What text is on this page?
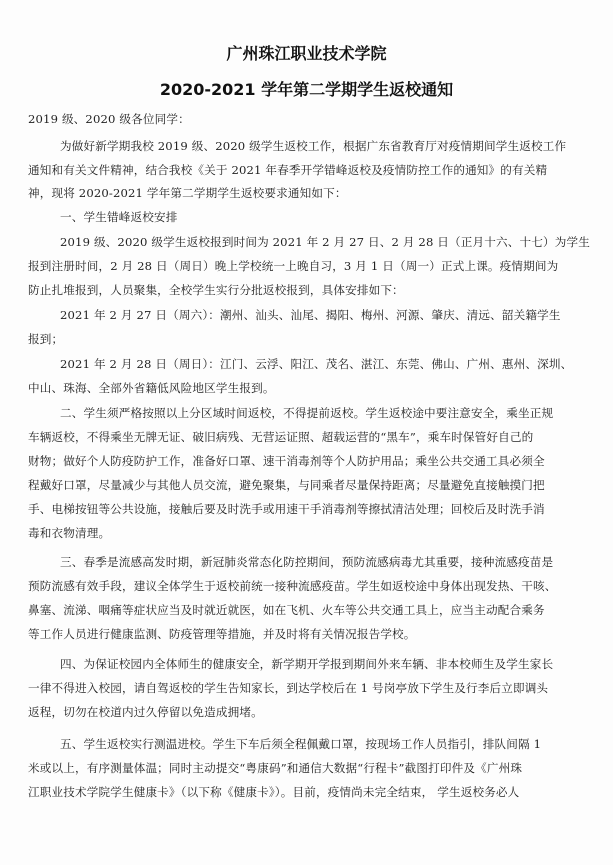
广州珠江职业技术学院
2020-2021 学年第二学期学生返校通知
2019 级、2020 级各位同学：
为做好新学期我校 2019 级、2020 级学生返校工作，根据广东省教育厅对疫情期间学生返校工作
通知和有关文件精神，结合我校《关于 2021 年春季开学错峰返校及疫情防控工作的通知》的有关精
神，现将 2020-2021 学年第二学期学生返校要求通知如下：
一、学生错峰返校安排
2019 级、2020 级学生返校报到时间为 2021 年 2 月 27 日、2 月 28 日（正月十六、十七）为学生
报到注册时间，2 月 28 日（周日）晚上学校统一上晚自习，3 月 1 日（周一）正式上课。疫情期间为
防止扎堆报到，人员聚集，全校学生实行分批返校报到，具体安排如下：
2021 年 2 月 27 日（周六）：潮州、汕头、汕尾、揭阳、梅州、河源、肇庆、清远、韶关籍学生
报到；
2021 年 2 月 28 日（周日）：江门、云浮、阳江、茂名、湛江、东莞、佛山、广州、惠州、深圳、
中山、珠海、全部外省籍低风险地区学生报到。
二、学生须严格按照以上分区域时间返校，不得提前返校。学生返校途中要注意安全，乘坐正规
车辆返校，不得乘坐无牌无证、破旧病残、无营运证照、超载运营的“黑车”，乘车时保管好自己的
财物；做好个人防疫防护工作，准备好口罩、速干消毒剂等个人防护用品；乘坐公共交通工具必须全
程戴好口罩，尽量减少与其他人员交流，避免聚集，与同乘者尽量保持距离；尽量避免直接触摸门把
手、电梯按钮等公共设施，接触后要及时洗手或用速干手消毒剂等擦拭清洁处理；回校后及时洗手消
毒和衣物清理。
三、春季是流感高发时期，新冠肺炎常态化防控期间，预防流感病毒尤其重要，接种流感疫苗是
预防流感有效手段，建议全体学生于返校前统一接种流感疫苗。学生如返校途中身体出现发热、干咳、
鼻塞、流涕、咽痛等症状应当及时就近就医，如在飞机、火车等公共交通工具上，应当主动配合乘务
等工作人员进行健康监测、防疫管理等措施，并及时将有关情况报告学校。
四、为保证校园内全体师生的健康安全，新学期开学报到期间外来车辆、非本校师生及学生家长
一律不得进入校园，请自驾返校的学生告知家长，到达学校后在 1 号岗亭放下学生及行李后立即调头
返程，切勿在校道内过久停留以免造成拥堵。
五、学生返校实行测温进校。学生下车后须全程佩戴口罩，按现场工作人员指引，排队间隔 1
米或以上，有序测量体温；同时主动提交“粤康码”和通信大数据“行程卡”截图打印件及《广州珠
江职业技术学院学生健康卡》（以下称《健康卡》）。目前，疫情尚未完全结束， 学生返校务必人
